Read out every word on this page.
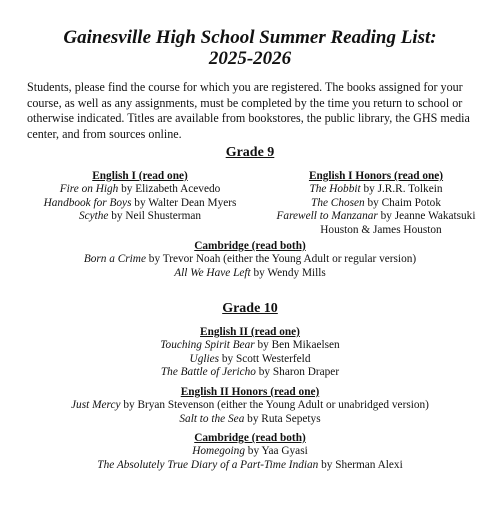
Gainesville High School Summer Reading List:
2025-2026
Students, please find the course for which you are registered. The books assigned for your course, as well as any assignments, must be completed by the time you return to school or otherwise indicated. Titles are available from bookstores, the public library, the GHS media center, and from sources online.
Grade 9
English I (read one)
Fire on High by Elizabeth Acevedo
Handbook for Boys by Walter Dean Myers
Scythe by Neil Shusterman
English I Honors (read one)
The Hobbit by J.R.R. Tolkein
The Chosen by Chaim Potok
Farewell to Manzanar by Jeanne Wakatsuki
Houston & James Houston
Cambridge (read both)
Born a Crime by Trevor Noah (either the Young Adult or regular version)
All We Have Left by Wendy Mills
Grade 10
English II (read one)
Touching Spirit Bear by Ben Mikaelsen
Uglies by Scott Westerfeld
The Battle of Jericho by Sharon Draper
English II Honors (read one)
Just Mercy by Bryan Stevenson (either the Young Adult or unabridged version)
Salt to the Sea by Ruta Sepetys
Cambridge (read both)
Homegoing by Yaa Gyasi
The Absolutely True Diary of a Part-Time Indian by Sherman Alexi
